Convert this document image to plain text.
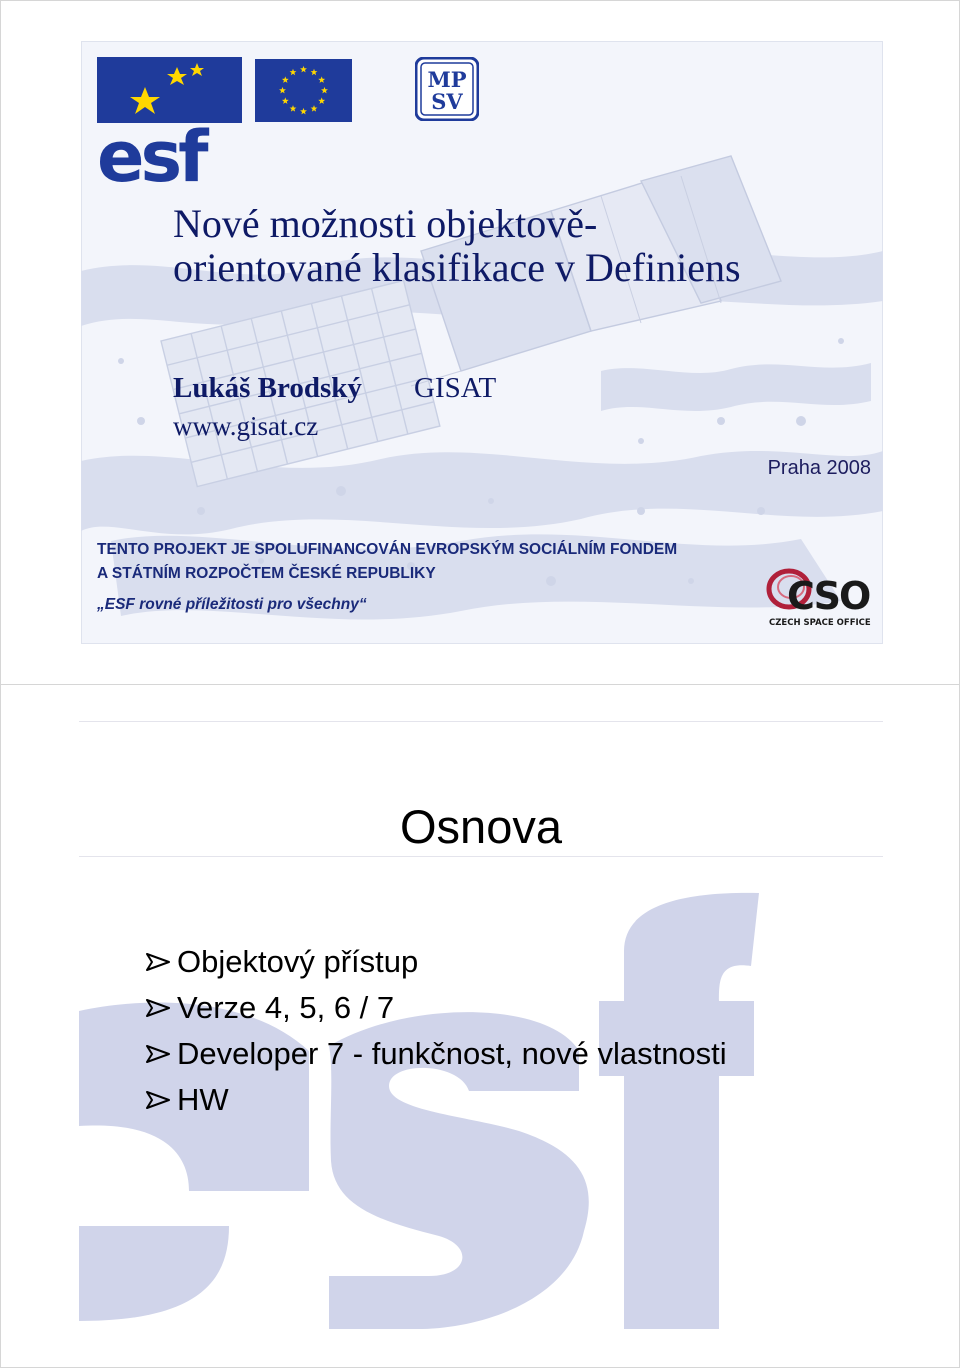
esf
MP
SV
Nové možnosti objektově-
orientované klasifikace v Definiens
Lukáš Brodský GISAT
www.gisat.cz
Praha 2008
TENTO PROJEKT JE SPOLUFINANCOVÁN EVROPSKÝM SOCIÁLNÍM FONDEM
A STÁTNÍM ROZPOČTEM ČESKÉ REPUBLIKY
„ESF rovné příležitosti pro všechny“	CSO
CZECH SPACE OFFICE
Osnova
Objektový přístup
Verze 4, 5, 6 / 7
Developer 7 - funkčnost, nové vlastnosti
HW
